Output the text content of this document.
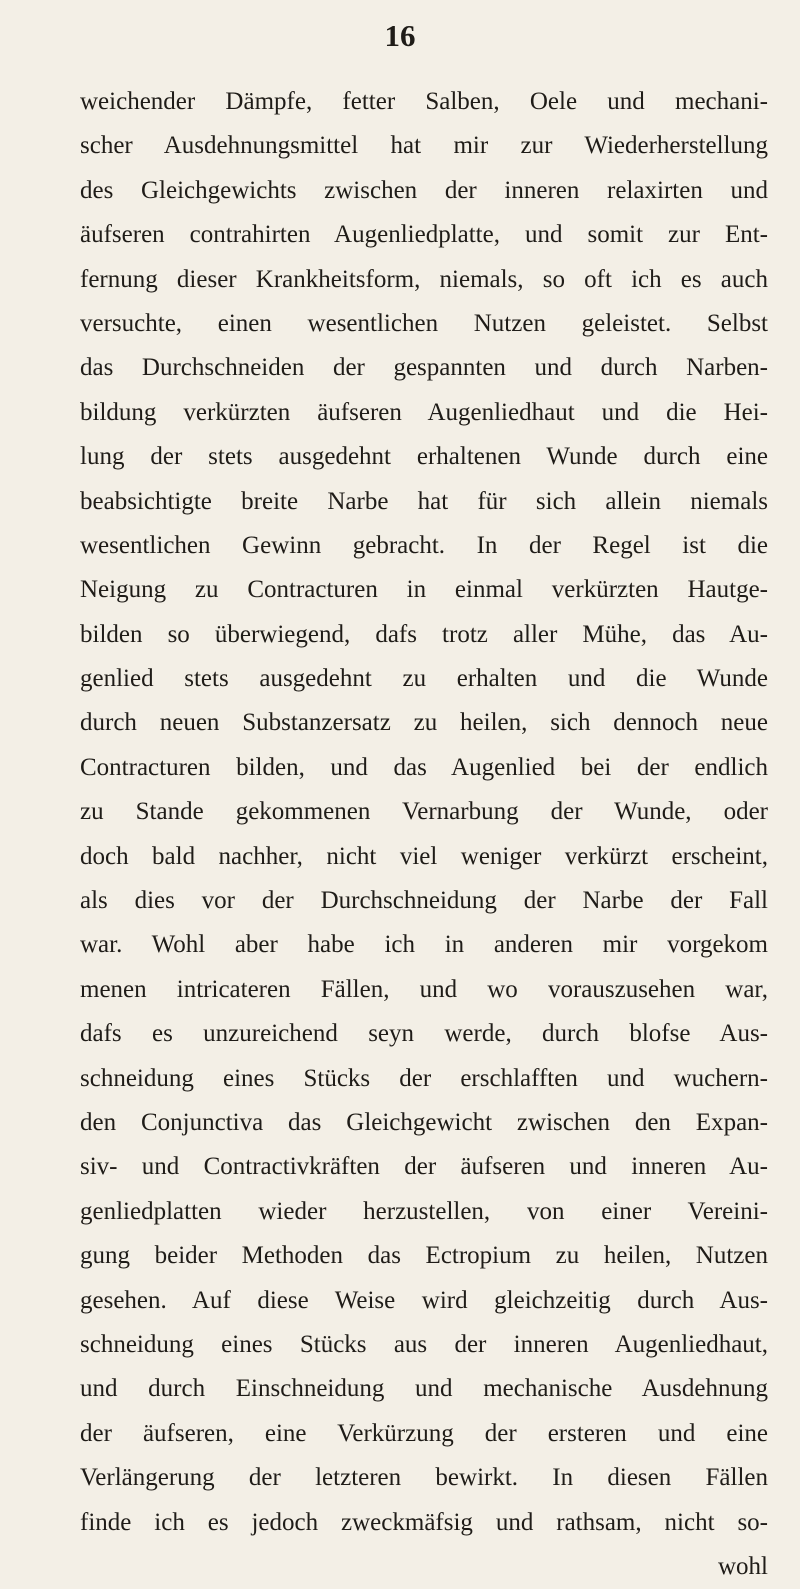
16
weichender Dämpfe, fetter Salben, Oele und mechani-
scher Ausdehnungsmittel hat mir zur Wiederherstellung
des Gleichgewichts zwischen der inneren relaxirten und
äufseren contrahirten Augenliedplatte, und somit zur Ent-
fernung dieser Krankheitsform, niemals, so oft ich es auch
versuchte, einen wesentlichen Nutzen geleistet. Selbst
das Durchschneiden der gespannten und durch Narben-
bildung verkürzten äufseren Augenliedhaut und die Hei-
lung der stets ausgedehnt erhaltenen Wunde durch eine
beabsichtigte breite Narbe hat für sich allein niemals
wesentlichen Gewinn gebracht. In der Regel ist die
Neigung zu Contracturen in einmal verkürzten Hautge-
bilden so überwiegend, dafs trotz aller Mühe, das Au-
genlied stets ausgedehnt zu erhalten und die Wunde
durch neuen Substanzersatz zu heilen, sich dennoch neue
Contracturen bilden, und das Augenlied bei der endlich
zu Stande gekommenen Vernarbung der Wunde, oder
doch bald nachher, nicht viel weniger verkürzt erscheint,
als dies vor der Durchschneidung der Narbe der Fall
war. Wohl aber habe ich in anderen mir vorgekom
menen intricateren Fällen, und wo vorauszusehen war,
dafs es unzureichend seyn werde, durch blofse Aus-
schneidung eines Stücks der erschlafften und wuchern-
den Conjunctiva das Gleichgewicht zwischen den Expan-
siv- und Contractivkräften der äufseren und inneren Au-
genliedplatten wieder herzustellen, von einer Vereini-
gung beider Methoden das Ectropium zu heilen, Nutzen
gesehen. Auf diese Weise wird gleichzeitig durch Aus-
schneidung eines Stücks aus der inneren Augenliedhaut,
und durch Einschneidung und mechanische Ausdehnung
der äufseren, eine Verkürzung der ersteren und eine
Verlängerung der letzteren bewirkt. In diesen Fällen
finde ich es jedoch zweckmäfsig und rathsam, nicht so-
wohl
